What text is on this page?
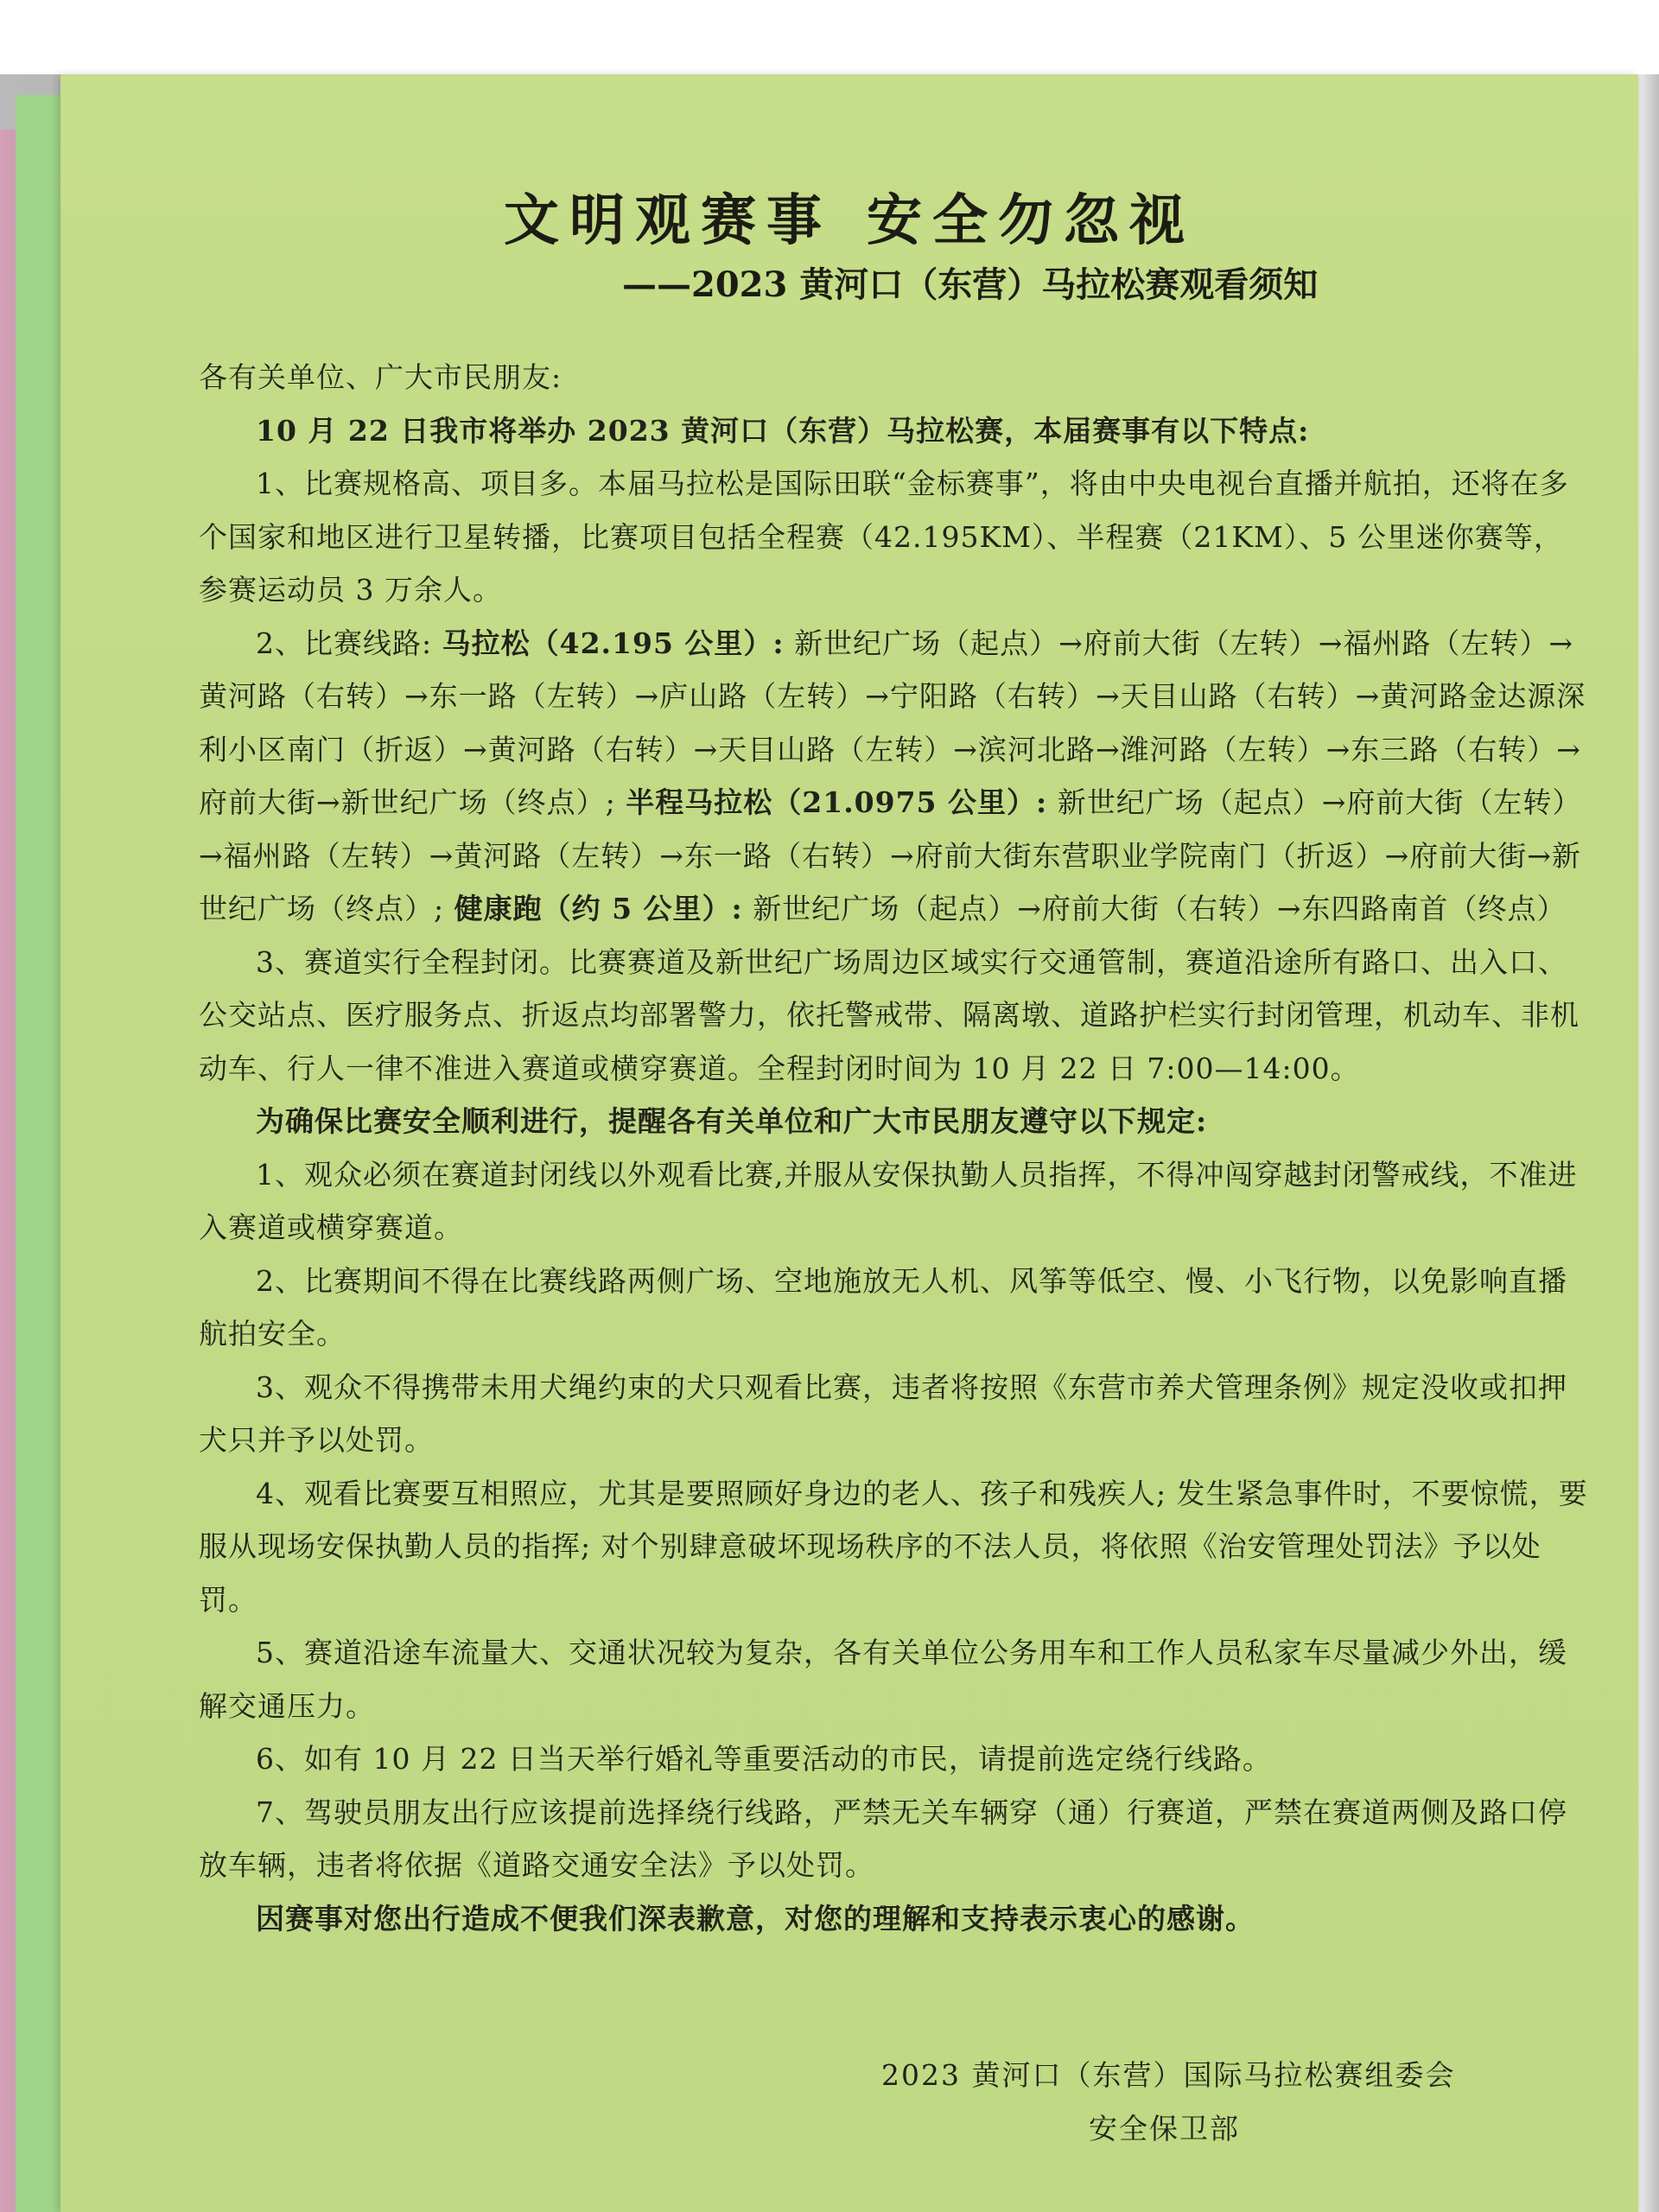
文明观赛事 安全勿忽视
——2023 黄河口（东营）马拉松赛观看须知

各有关单位、广大市民朋友:

10 月 22 日我市将举办 2023 黄河口（东营）马拉松赛，本届赛事有以下特点:

1、比赛规格高、项目多。本届马拉松是国际田联“金标赛事”，将由中央电视台直播并航拍，还将在多个国家和地区进行卫星转播，比赛项目包括全程赛（42.195KM）、半程赛（21KM）、5 公里迷你赛等，参赛运动员 3 万余人。

2、比赛线路: 马拉松（42.195 公里）: 新世纪广场（起点）→府前大街（左转）→福州路（左转）→黄河路（右转）→东一路（左转）→庐山路（左转）→宁阳路（右转）→天目山路（右转）→黄河路金达源深利小区南门（折返）→黄河路（右转）→天目山路（左转）→滨河北路→潍河路（左转）→东三路（右转）→府前大街→新世纪广场（终点）; 半程马拉松（21.0975 公里）: 新世纪广场（起点）→府前大街（左转）→福州路（左转）→黄河路（左转）→东一路（右转）→府前大街东营职业学院南门（折返）→府前大街→新世纪广场（终点）; 健康跑（约 5 公里）: 新世纪广场（起点）→府前大街（右转）→东四路南首（终点）

3、赛道实行全程封闭。比赛赛道及新世纪广场周边区域实行交通管制，赛道沿途所有路口、出入口、公交站点、医疗服务点、折返点均部署警力，依托警戒带、隔离墩、道路护栏实行封闭管理，机动车、非机动车、行人一律不准进入赛道或横穿赛道。全程封闭时间为 10 月 22 日 7:00—14:00。

为确保比赛安全顺利进行，提醒各有关单位和广大市民朋友遵守以下规定:

1、观众必须在赛道封闭线以外观看比赛,并服从安保执勤人员指挥，不得冲闯穿越封闭警戒线，不准进入赛道或横穿赛道。

2、比赛期间不得在比赛线路两侧广场、空地施放无人机、风筝等低空、慢、小飞行物，以免影响直播航拍安全。

3、观众不得携带未用犬绳约束的犬只观看比赛，违者将按照《东营市养犬管理条例》规定没收或扣押犬只并予以处罚。

4、观看比赛要互相照应，尤其是要照顾好身边的老人、孩子和残疾人; 发生紧急事件时，不要惊慌，要服从现场安保执勤人员的指挥; 对个别肆意破坏现场秩序的不法人员，将依照《治安管理处罚法》予以处罚。

5、赛道沿途车流量大、交通状况较为复杂，各有关单位公务用车和工作人员私家车尽量减少外出，缓解交通压力。

6、如有 10 月 22 日当天举行婚礼等重要活动的市民，请提前选定绕行线路。

7、驾驶员朋友出行应该提前选择绕行线路，严禁无关车辆穿（通）行赛道，严禁在赛道两侧及路口停放车辆，违者将依据《道路交通安全法》予以处罚。

因赛事对您出行造成不便我们深表歉意，对您的理解和支持表示衷心的感谢。

2023 黄河口（东营）国际马拉松赛组委会
安全保卫部
